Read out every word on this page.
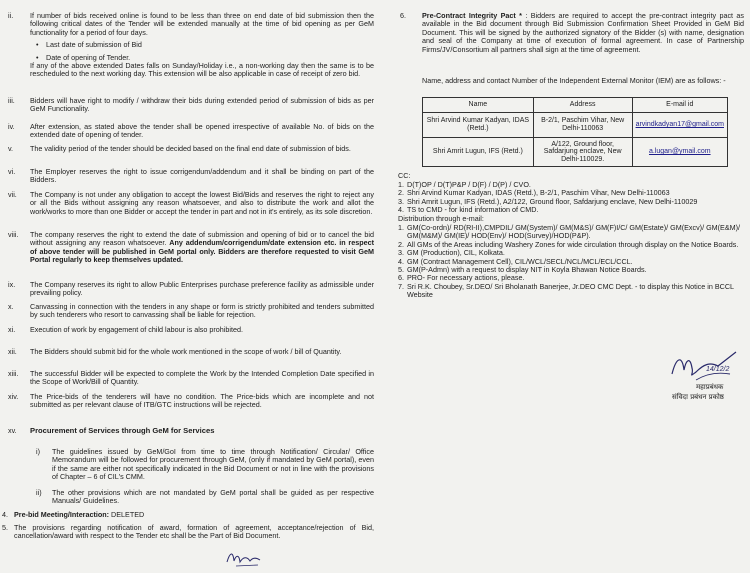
ii.	If number of bids received online is found to be less than three on end date of bid submission then the following critical dates of the Tender will be extended manually at the time of bid opening as per GeM functionality for a period of four days.

• Last date of submission of Bid
• Date of opening of Tender.

If any of the above extended Dates falls on Sunday/Holiday i.e., a non-working day then the same is to be rescheduled to the next working day. This extension will be also applicable in case of receipt of zero bid.

iii.	Bidders will have right to modify / withdraw their bids during extended period of submission of bids as per GeM Functionality.
iv.	After extension, as stated above the tender shall be opened irrespective of available No. of bids on the extended date of opening of tender.
v.	The validity period of the tender should be decided based on the final end date of submission of bids.
vi.	The Employer reserves the right to issue corrigendum/addendum and it shall be binding on part of the Bidders.
vii.	The Company is not under any obligation to accept the lowest Bid/Bids and reserves the right to reject any or all the Bids without assigning any reason whatsoever, and also to distribute the work and allot the work/works to more than one Bidder or accept the tender in part and not in it's entirely, as its sole discretion.
viii.	The company reserves the right to extend the date of submission and opening of bid or to cancel the bid without assigning any reason whatsoever. Any addendum/corrigendum/date extension etc. in respect of above tender will be published in GeM portal only. Bidders are therefore requested to visit GeM Portal regularly to keep themselves updated.
ix.	The Company reserves its right to allow Public Enterprises purchase preference facility as admissible under prevailing policy.
x.	Canvassing in connection with the tenders in any shape or form is strictly prohibited and tenders submitted by such tenderers who resort to canvassing shall be liable for rejection.
xi.	Execution of work by engagement of child labour is also prohibited.
xii.	The Bidders should submit bid for the whole work mentioned in the scope of work / bill of Quantity.
xiii.	The successful Bidder will be expected to complete the Work by the Intended Completion Date specified in the Scope of Work/Bill of Quantity.
xiv.	The Price-bids of the tenderers will have no condition. The Price-bids which are incomplete and not submitted as per relevant clause of ITB/GTC instructions will be rejected.
xv.	Procurement of Services through GeM for Services
i) The guidelines issued by GeM/GoI from time to time through Notification/ Circular/ Office Memorandum will be followed for procurement through GeM, (only if mandated by GeM portal), even if the same are either not specifically indicated in the Bid Document or not in line with the provisions of Chapter – 6 of CIL's CMM.
ii) The other provisions which are not mandated by GeM portal shall be guided as per respective Manuals/ Guidelines.
4. Pre-bid Meeting/Interaction: DELETED
5. The provisions regarding notification of award, formation of agreement, acceptance/rejection of Bid, cancellation/award with respect to the Tender etc shall be the Part of Bid Document.
6. Pre-Contract Integrity Pact * : Bidders are required to accept the pre-contract integrity pact as available in the Bid document through Bid Submission Confirmation Sheet Provided in GeM Bid Document. This will be signed by the authorized signatory of the Bidder (s) with name, designation and seal of the Company at time of execution of formal agreement. In case of Partnership Firms/JV/Consortium all partners shall sign at the time of agreement.
Name, address and contact Number of the Independent External Monitor (IEM) are as follows: -
Name	Address	E-mail id
Shri Arvind Kumar Kadyan, IDAS (Retd.)	B-2/1, Paschim Vihar, New Delhi-110063	arvindkadyan17@gmail.com
Shri Amrit Lugun, IFS (Retd.)	A/122, Ground floor, Safdarjung enclave, New Delhi-110029.	a.lugan@ymail.com
CC:
1. D(T)OP / D(T)P&P / D(F) / D(P) / CVO.
2. Shri Arvind Kumar Kadyan, IDAS (Retd.), B-2/1, Paschim Vihar, New Delhi-110063
3. Shri Amrit Lugun, IFS (Retd.), A2/122, Ground floor, Safdarjung enclave, New Delhi-110029
4. TS to CMD - for kind information of CMD.
Distribution through e-mail:
1. GM(Co-ordn)/ RD(RI-II),CMPDIL/ GM(System)/ GM(M&S)/ GM(F)I/C/ GM(Estate)/ GM(Excv)/ GM(E&M)/ GM(M&M)/ GM(IE)/ HOD(Env)/ HOD(Survey)/HOD(P&P).
2. All GMs of the Areas including Washery Zones for wide circulation through display on the Notice Boards.
3. GM (Production), CIL, Kolkata.
4. GM (Contract Management Cell), CIL/WCL/SECL/NCL/MCL/ECL/CCL.
5. GM(P-Admn) with a request to display NIT in Koyla Bhawan Notice Boards.
6. PRO- For necessary actions, please.
7. Sri R.K. Choubey, Sr.DEO/ Sri Bholanath Banerjee, Jr.DEO CMC Dept. - to display this Notice in BCCL Website
14/12/2
महाप्रबंधक
संविदा प्रबंधन प्रकोष्ठ
